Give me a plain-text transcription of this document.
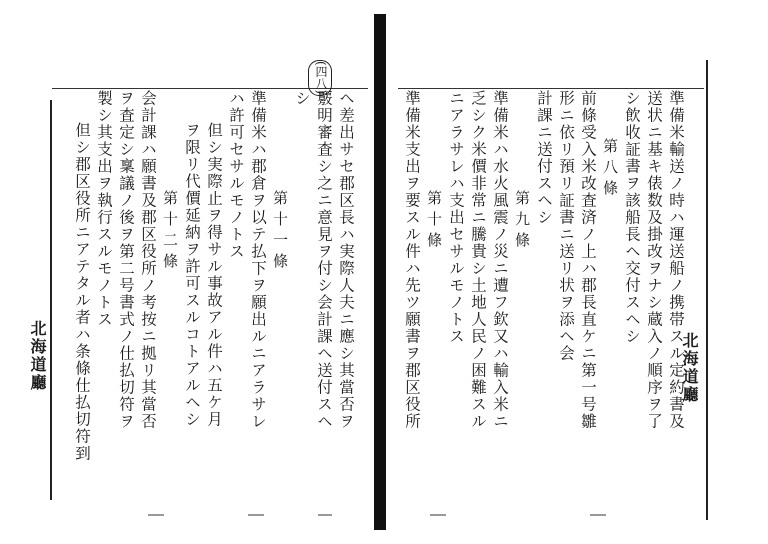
(四八)
ヘ差出サセ郡区長ハ実際人夫ニ應シ其當否ヲ
覈明審査シ之ニ意見ヲ付シ会計課ヘ送付スヘ
シ
第十一條
準備米ハ郡倉ヲ以テ払下ヲ願出ルニアラサレ
ハ許可セサルモノトス
但シ実際止ヲ得サル事故アル件ハ五ケ月
ヲ限リ代價延納ヲ許可スルコトアルヘシ
第十二條
会計課ハ願書及郡区役所ノ考按ニ拠リ其當否
ヲ査定シ稟議ノ後ヲ第二号書式ノ仕払切符ヲ
製シ其支出ヲ執行スルモノトス
但シ郡区役所ニアテタル者ハ条條仕払切符到
北海道廳	準備米輸送ノ時ハ運送船ノ携帯スル定約書及
送状ニ基キ俵数及掛改ヲナシ蔵入ノ順序ヲ了
シ飲收証書ヲ該船長ヘ交付スヘシ
第八條
前條受入米改査済ノ上ハ郡長直ケニ第一号雛
形ニ依リ預リ証書ニ送リ状ヲ添ヘ会
計課ニ送付スヘシ
第九條
準備米ハ水火風震ノ災ニ遭フ欽又ハ輸入米ニ
乏シク米價非常ニ騰貴シ土地人民ノ困難スル
ニアラサレハ支出セサルモノトス
第十條
準備米支出ヲ要スル件ハ先ツ願書ヲ郡区役所	北海道廳
